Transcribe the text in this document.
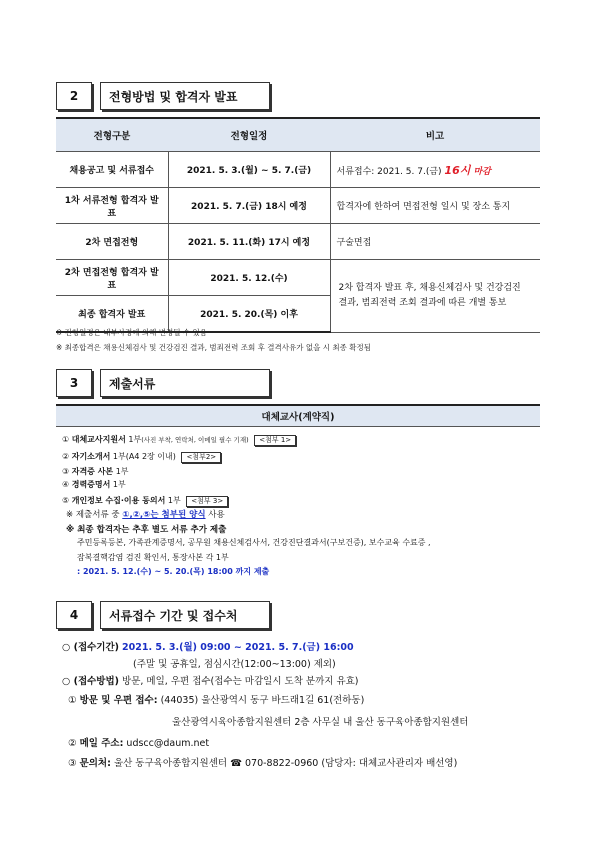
2	전형방법 및 합격자 발표
전형구분	전형일정	비고
채용공고 및 서류접수	2021. 5. 3.(월) ~ 5. 7.(금)	서류접수: 2021. 5. 7.(금) 16시 마감
1차 서류전형 합격자 발표	2021. 5. 7.(금) 18시 예정	합격자에 한하여 면접전형 일시 및 장소 통지
2차 면접전형	2021. 5. 11.(화) 17시 예정	구술면접
2차 면접전형 합격자 발표	2021. 5. 12.(수)	2차 합격자 발표 후, 채용신체검사 및 건강검진 결과, 범죄전력 조회 결과에 따른 개별 통보
최종 합격자 발표	2021. 5. 20.(목) 이후	
※ 전형일정은 내부사정에 의해 변경될 수 있음
※ 최종합격은 채용신체검사 및 건강검진 결과, 범죄전력 조회 후 결격사유가 없을 시 최종 확정됨
3	제출서류
대체교사(계약직)
① 대체교사지원서 1부(사진 부착, 연락처, 이메일 필수 기재) <첨부 1>
② 자기소개서 1부(A4 2장 이내) <첨부2>
③ 자격증 사본 1부
④ 경력증명서 1부
⑤ 개인정보 수집·이용 동의서 1부 <첨부 3>
※ 제출서류 중 ①,②,⑤는 첨부된 양식 사용
※ 최종 합격자는 추후 별도 서류 추가 제출
주민등록등본, 가족관계증명서, 공무원 채용신체검사서, 건강진단결과서(구보건증), 보수교육 수료증 ,
잠복결핵감염 검진 확인서, 통장사본 각 1부
: 2021. 5. 12.(수) ~ 5. 20.(목) 18:00 까지 제출
4	서류접수 기간 및 접수처
○ (접수기간) 2021. 5. 3.(월) 09:00 ~ 2021. 5. 7.(금) 16:00
(주말 및 공휴일, 점심시간(12:00~13:00) 제외)
○ (접수방법) 방문, 메일, 우편 접수(접수는 마감일시 도착 분까지 유효)
① 방문 및 우편 접수: (44035) 울산광역시 동구 바드래1길 61(전하동)
울산광역시육아종합지원센터 2층 사무실 내 울산 동구육아종합지원센터
② 메일 주소: udscc@daum.net
③ 문의처: 울산 동구육아종합지원센터 ☎ 070-8822-0960 (담당자: 대체교사관리자 배선영)
